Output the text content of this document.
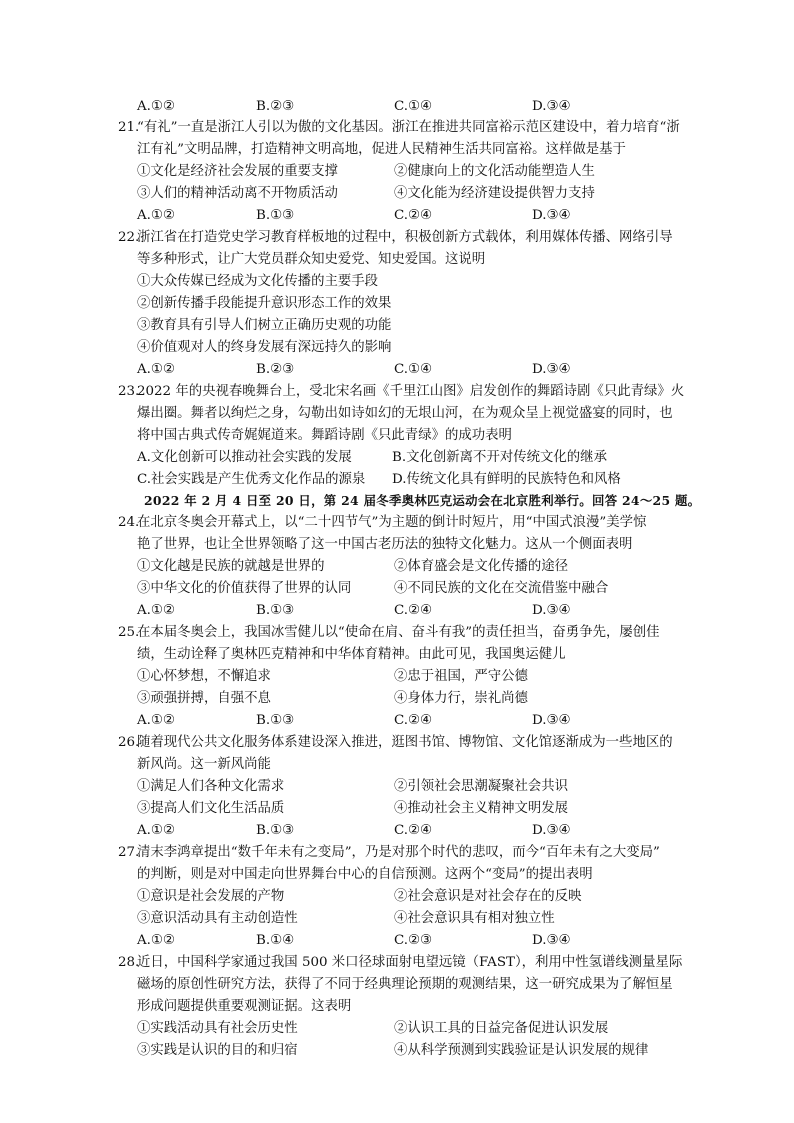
A.①②	B.②③	C.①④	D.③④
21.
“有礼”一直是浙江人引以为傲的文化基因。浙江在推进共同富裕示范区建设中，着力培育“浙
江有礼”文明品牌，打造精神文明高地，促进人民精神生活共同富裕。这样做是基于
①文化是经济社会发展的重要支撑	②健康向上的文化活动能塑造人生
③人们的精神活动离不开物质活动	④文化能为经济建设提供智力支持
A.①②	B.①③	C.②④	D.③④
22.
浙江省在打造党史学习教育样板地的过程中，积极创新方式载体，利用媒体传播、网络引导
等多种形式，让广大党员群众知史爱党、知史爱国。这说明
①大众传媒已经成为文化传播的主要手段
②创新传播手段能提升意识形态工作的效果
③教育具有引导人们树立正确历史观的功能
④价值观对人的终身发展有深远持久的影响
A.①②	B.②③	C.①④	D.③④
23.
2022 年的央视春晚舞台上，受北宋名画《千里江山图》启发创作的舞蹈诗剧《只此青绿》火
爆出圈。舞者以绚烂之身，勾勒出如诗如幻的无垠山河，在为观众呈上视觉盛宴的同时，也
将中国古典式传奇娓娓道来。舞蹈诗剧《只此青绿》的成功表明
A.文化创新可以推动社会实践的发展	B.文化创新离不开对传统文化的继承
C.社会实践是产生优秀文化作品的源泉 D.传统文化具有鲜明的民族特色和风格
2022 年 2 月 4 日至 20 日，第 24 届冬季奥林匹克运动会在北京胜利举行。回答 24～25 题。
24.
在北京冬奥会开幕式上，以“二十四节气”为主题的倒计时短片，用“中国式浪漫”美学惊
艳了世界，也让全世界领略了这一中国古老历法的独特文化魅力。这从一个侧面表明
①文化越是民族的就越是世界的	②体育盛会是文化传播的途径
③中华文化的价值获得了世界的认同	④不同民族的文化在交流借鉴中融合
A.①②	B.①③	C.②④	D.③④
25.
在本届冬奥会上，我国冰雪健儿以“使命在肩、奋斗有我”的责任担当，奋勇争先，屡创佳
绩，生动诠释了奥林匹克精神和中华体育精神。由此可见，我国奥运健儿
①心怀梦想，不懈追求	②忠于祖国，严守公德
③顽强拼搏，自强不息	④身体力行，崇礼尚德
A.①②	B.①③	C.②④	D.③④
26.
随着现代公共文化服务体系建设深入推进，逛图书馆、博物馆、文化馆逐渐成为一些地区的
新风尚。这一新风尚能
①满足人们各种文化需求	②引领社会思潮凝聚社会共识
③提高人们文化生活品质	④推动社会主义精神文明发展
A.①②	B.①③	C.②④	D.③④
27.
清末李鸿章提出“数千年未有之变局”，乃是对那个时代的悲叹，而今“百年未有之大变局”
的判断，则是对中国走向世界舞台中心的自信预测。这两个“变局”的提出表明
①意识是社会发展的产物	②社会意识是对社会存在的反映
③意识活动具有主动创造性	④社会意识具有相对独立性
A.①②	B.①④	C.②③	D.③④
28.
近日，中国科学家通过我国 500 米口径球面射电望远镜（FAST），利用中性氢谱线测量星际
磁场的原创性研究方法，获得了不同于经典理论预期的观测结果，这一研究成果为了解恒星
形成问题提供重要观测证据。这表明
①实践活动具有社会历史性	②认识工具的日益完备促进认识发展
③实践是认识的目的和归宿	④从科学预测到实践验证是认识发展的规律
